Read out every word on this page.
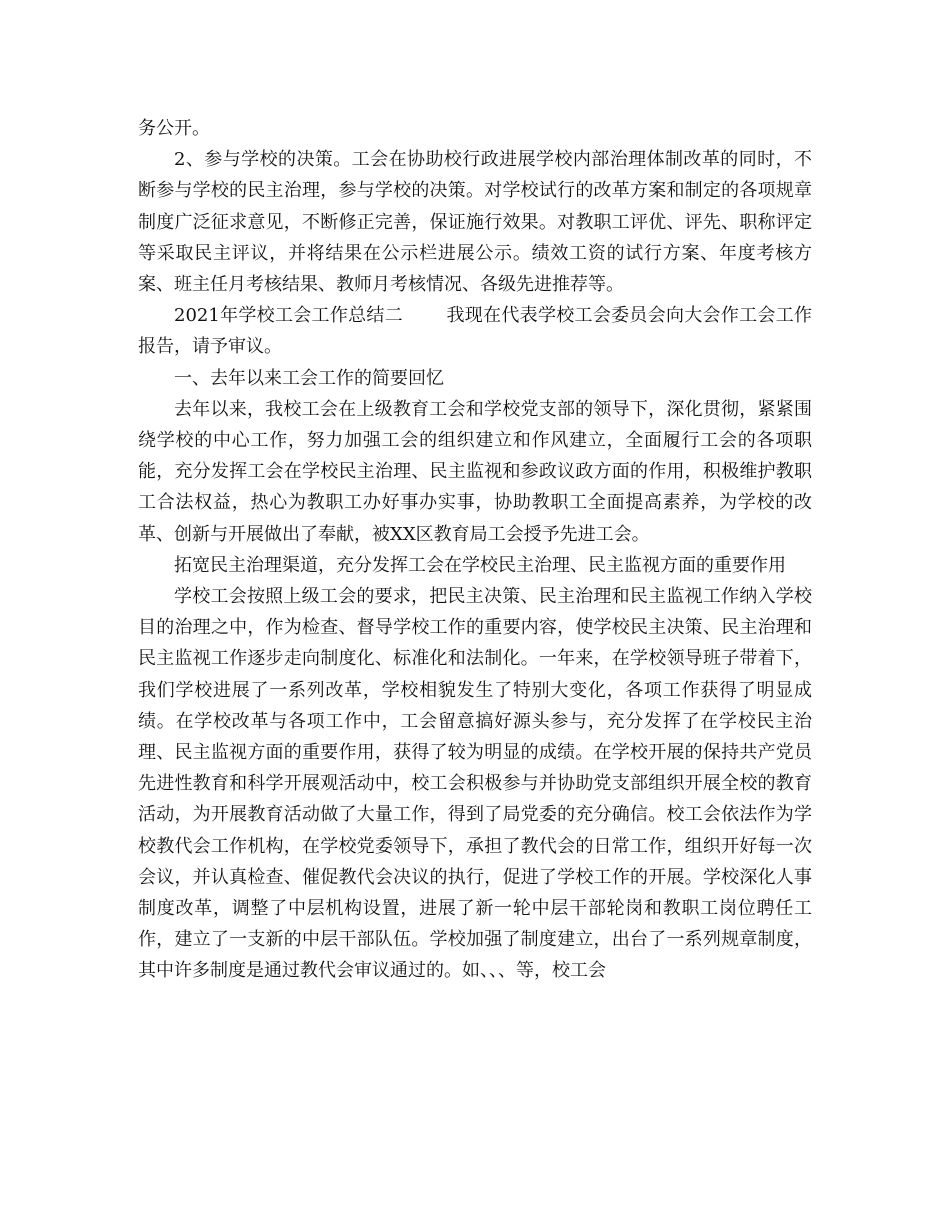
务公开。

2、参与学校的决策。工会在协助校行政进展学校内部治理体制改革的同时，不断参与学校的民主治理，参与学校的决策。对学校试行的改革方案和制定的各项规章制度广泛征求意见，不断修正完善，保证施行效果。对教职工评优、评先、职称评定等采取民主评议，并将结果在公示栏进展公示。绩效工资的试行方案、年度考核方案、班主任月考核结果、教师月考核情况、各级先进推荐等。

2021年学校工会工作总结二 我现在代表学校工会委员会向大会作工会工作报告，请予审议。

一、去年以来工会工作的简要回忆

去年以来，我校工会在上级教育工会和学校党支部的领导下，深化贯彻，紧紧围绕学校的中心工作，努力加强工会的组织建立和作风建立，全面履行工会的各项职能，充分发挥工会在学校民主治理、民主监视和参政议政方面的作用，积极维护教职工合法权益，热心为教职工办好事办实事，协助教职工全面提高素养，为学校的改革、创新与开展做出了奉献，被XX区教育局工会授予先进工会。

拓宽民主治理渠道，充分发挥工会在学校民主治理、民主监视方面的重要作用

学校工会按照上级工会的要求，把民主决策、民主治理和民主监视工作纳入学校目的治理之中，作为检查、督导学校工作的重要内容，使学校民主决策、民主治理和民主监视工作逐步走向制度化、标准化和法制化。一年来，在学校领导班子带着下，我们学校进展了一系列改革，学校相貌发生了特别大变化，各项工作获得了明显成绩。在学校改革与各项工作中，工会留意搞好源头参与，充分发挥了在学校民主治理、民主监视方面的重要作用，获得了较为明显的成绩。在学校开展的保持共产党员先进性教育和科学开展观活动中，校工会积极参与并协助党支部组织开展全校的教育活动，为开展教育活动做了大量工作，得到了局党委的充分确信。校工会依法作为学校教代会工作机构，在学校党委领导下，承担了教代会的日常工作，组织开好每一次会议，并认真检查、催促教代会决议的执行，促进了学校工作的开展。学校深化人事制度改革，调整了中层机构设置，进展了新一轮中层干部轮岗和教职工岗位聘任工作，建立了一支新的中层干部队伍。学校加强了制度建立，出台了一系列规章制度，其中许多制度是通过教代会审议通过的。如、、、等，校工会
